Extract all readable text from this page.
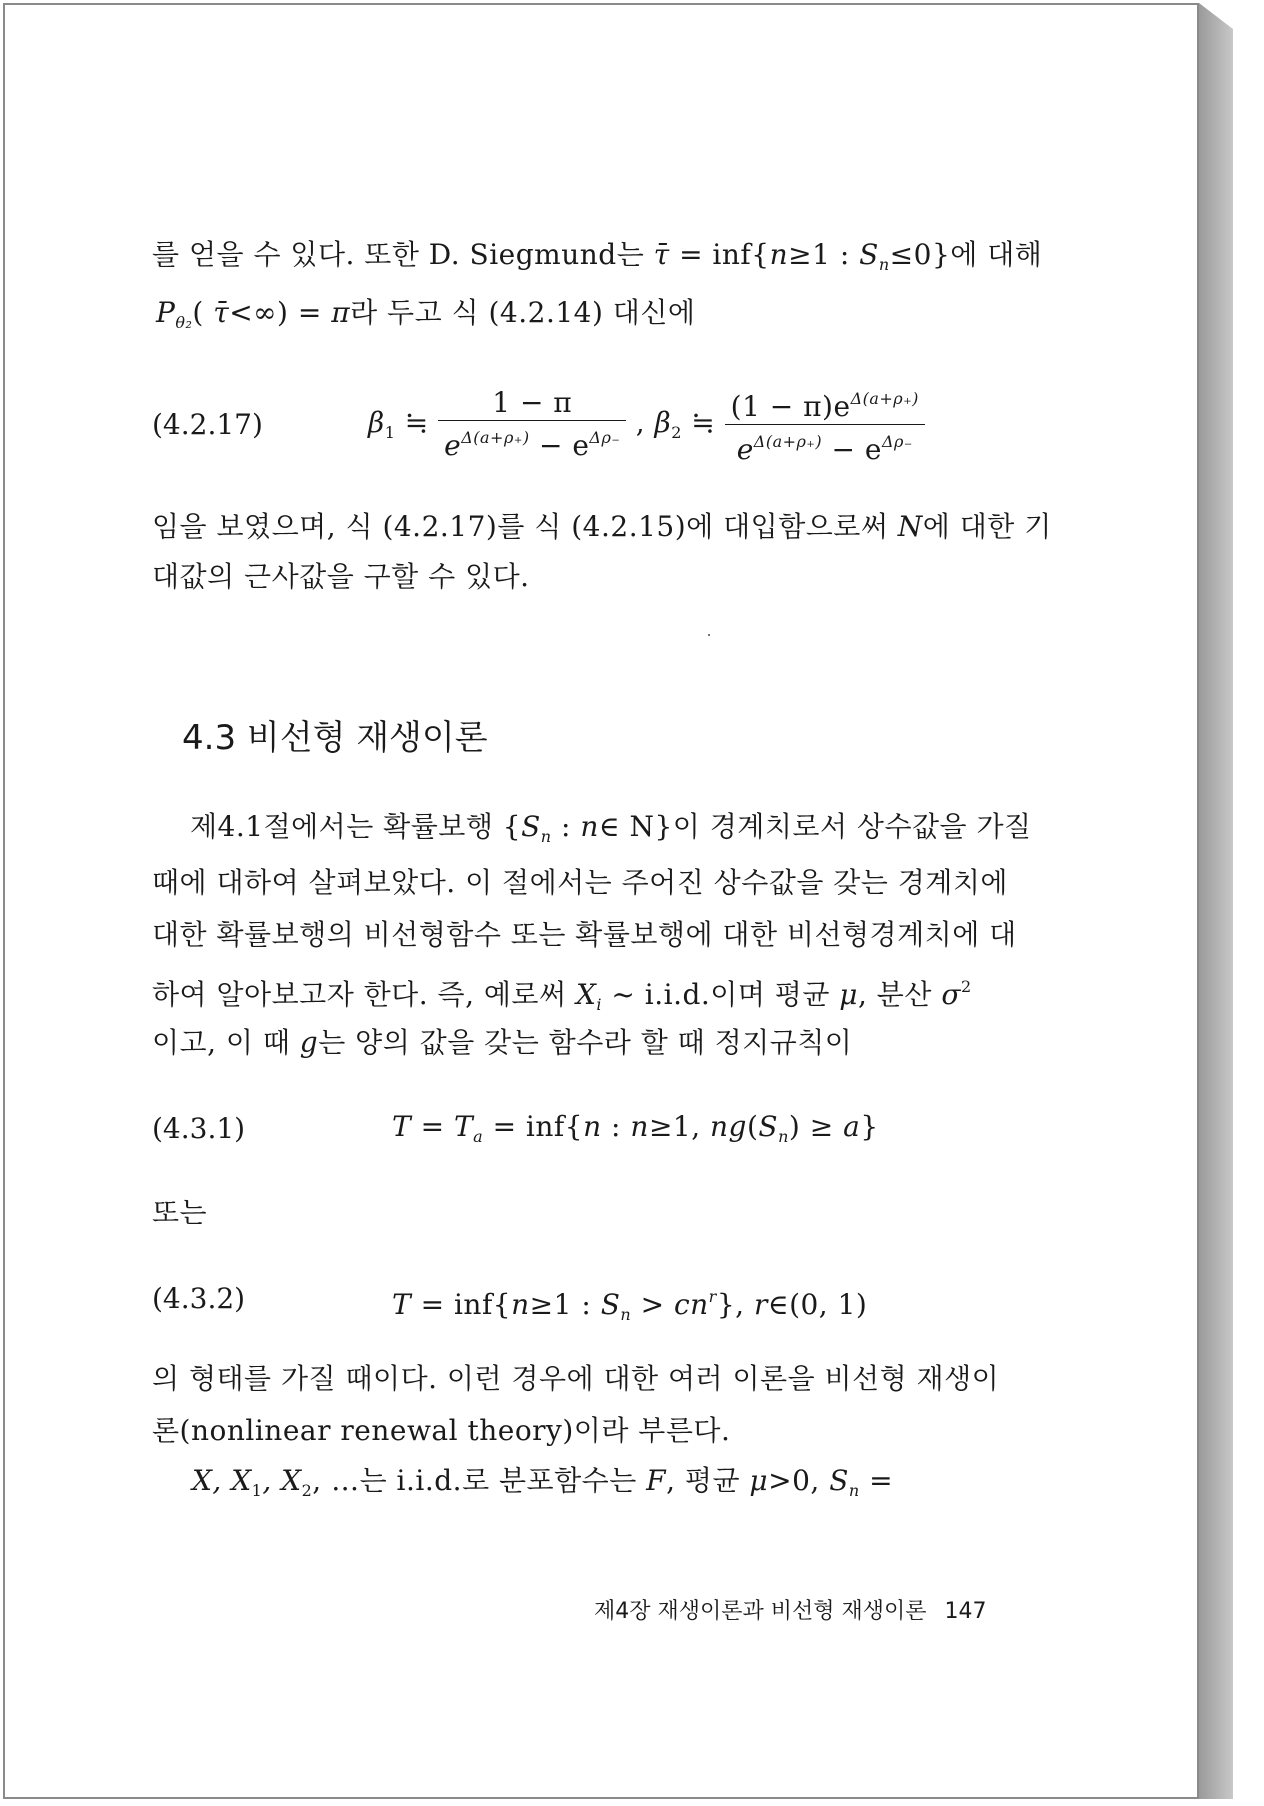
를 얻을 수 있다. 또한 D. Siegmund는 τ̄ = inf{n≥1 : $S_n\le 0$}에 대해
$P_{\theta_2}$( τ̄<∞) = π라 두고 식 (4.2.14) 대신에
(4.2.17)	$\beta_1$ ≒ $\frac{1 - \pi}{e^{\Delta(a+\rho_+)} - e^{\Delta\rho_-}}$ , $\beta_2$ ≒ $\frac{(1 - \pi)e^{\Delta(a+\rho_+)}}{e^{\Delta(a+\rho_+)} - e^{\Delta\rho_-}}$
임을 보였으며, 식 (4.2.17)를 식 (4.2.15)에 대입함으로써 N에 대한 기
대값의 근사값을 구할 수 있다.
4.3 비선형 재생이론
제4.1절에서는 확률보행 {$S_n$ : n∈ N}이 경계치로서 상수값을 가질
때에 대하여 살펴보았다. 이 절에서는 주어진 상수값을 갖는 경계치에
대한 확률보행의 비선형함수 또는 확률보행에 대한 비선형경계치에 대
하여 알아보고자 한다. 즉, 예로써 $X_i$ ~ i.i.d.이며 평균 μ, 분산 $\sigma^2$
이고, 이 때 g는 양의 값을 갖는 함수라 할 때 정지규칙이
(4.3.1)	$T = T_a = inf\{n$ : n≥1, $ng(S_n) \ge a$}
또는
(4.3.2)	T = inf{n≥1 : $S_n > cn^r$}, r∈(0, 1)
의 형태를 가질 때이다. 이런 경우에 대한 여러 이론을 비선형 재생이
론(nonlinear renewal theory)이라 부른다.
X, $X_1$, $X_2$, …는 i.i.d.로 분포함수는 F, 평균 μ>0, $S_n$ =
제4장 재생이론과 비선형 재생이론 147
